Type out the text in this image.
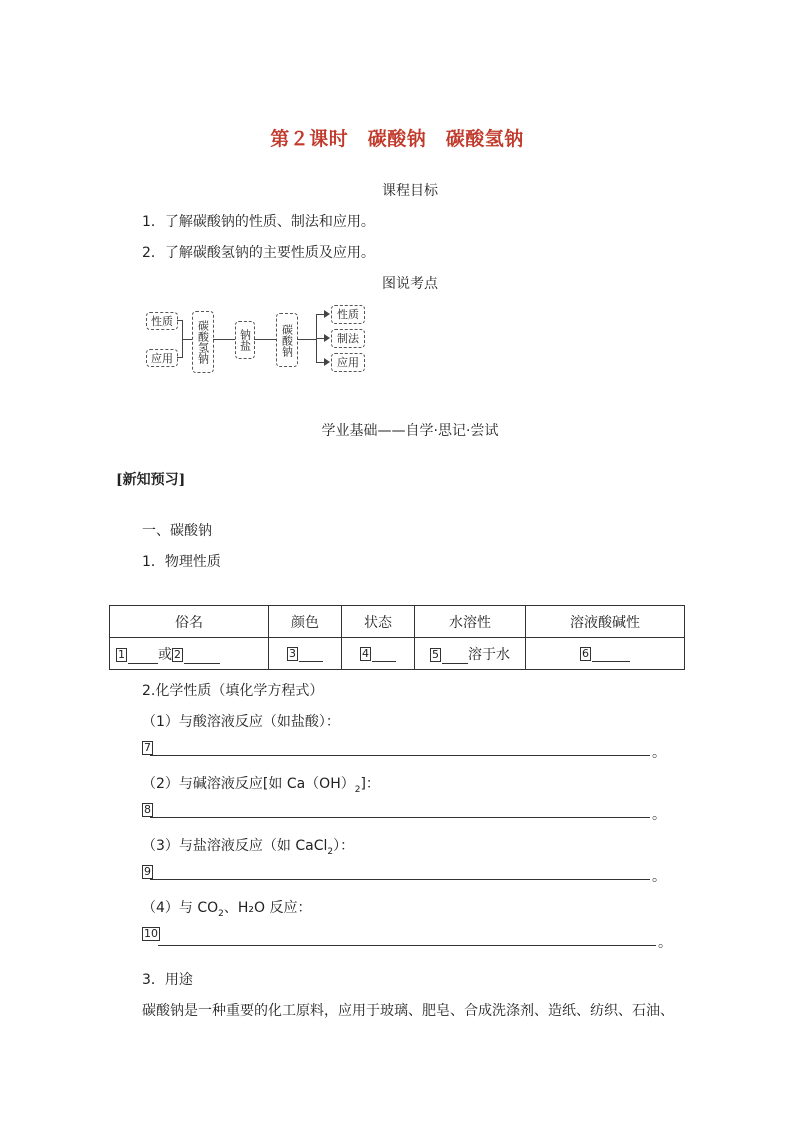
第２课时　碳酸钠　碳酸氢钠
课程目标
1．了解碳酸钠的性质、制法和应用。
2．了解碳酸氢钠的主要性质及应用。
图说考点
性质
应用	碳酸氢钠	钠盐	碳酸钠
性质
制法
应用
学业基础——自学·思记·尝试
[新知预习]
一、碳酸钠
1．物理性质
俗名	颜色	状态	水溶性	溶液酸碱性
1 或 2	3	4	5 溶于水	6
2.化学性质（填化学方程式）
（1）与酸溶液反应（如盐酸）：
7	。
（2）与碱溶液反应[如 $Ca(OH)_2$]：
8	。
（3）与盐溶液反应（如 CaCl$_2$）：
9	。
（4）与 $CO_2$、H₂O 反应：
10
。
3．用途
碳酸钠是一种重要的化工原料，应用于玻璃、肥皂、合成洗涤剂、造纸、纺织、石油、
